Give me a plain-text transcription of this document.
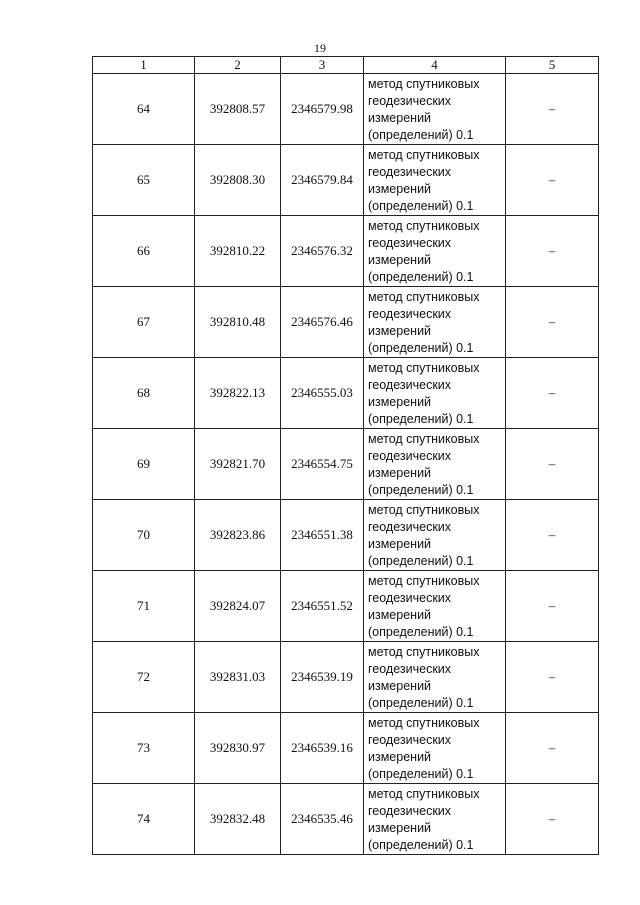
19
1	2	3	4	5
64	392808.57	2346579.98	метод спутниковых
геодезических
измерений
(определений) 0.1	–
65	392808.30	2346579.84	метод спутниковых
геодезических
измерений
(определений) 0.1	–
66	392810.22	2346576.32	метод спутниковых
геодезических
измерений
(определений) 0.1	–
67	392810.48	2346576.46	метод спутниковых
геодезических
измерений
(определений) 0.1	–
68	392822.13	2346555.03	метод спутниковых
геодезических
измерений
(определений) 0.1	–
69	392821.70	2346554.75	метод спутниковых
геодезических
измерений
(определений) 0.1	–
70	392823.86	2346551.38	метод спутниковых
геодезических
измерений
(определений) 0.1	–
71	392824.07	2346551.52	метод спутниковых
геодезических
измерений
(определений) 0.1	–
72	392831.03	2346539.19	метод спутниковых
геодезических
измерений
(определений) 0.1	–
73	392830.97	2346539.16	метод спутниковых
геодезических
измерений
(определений) 0.1	–
74	392832.48	2346535.46	метод спутниковых
геодезических
измерений
(определений) 0.1	–
